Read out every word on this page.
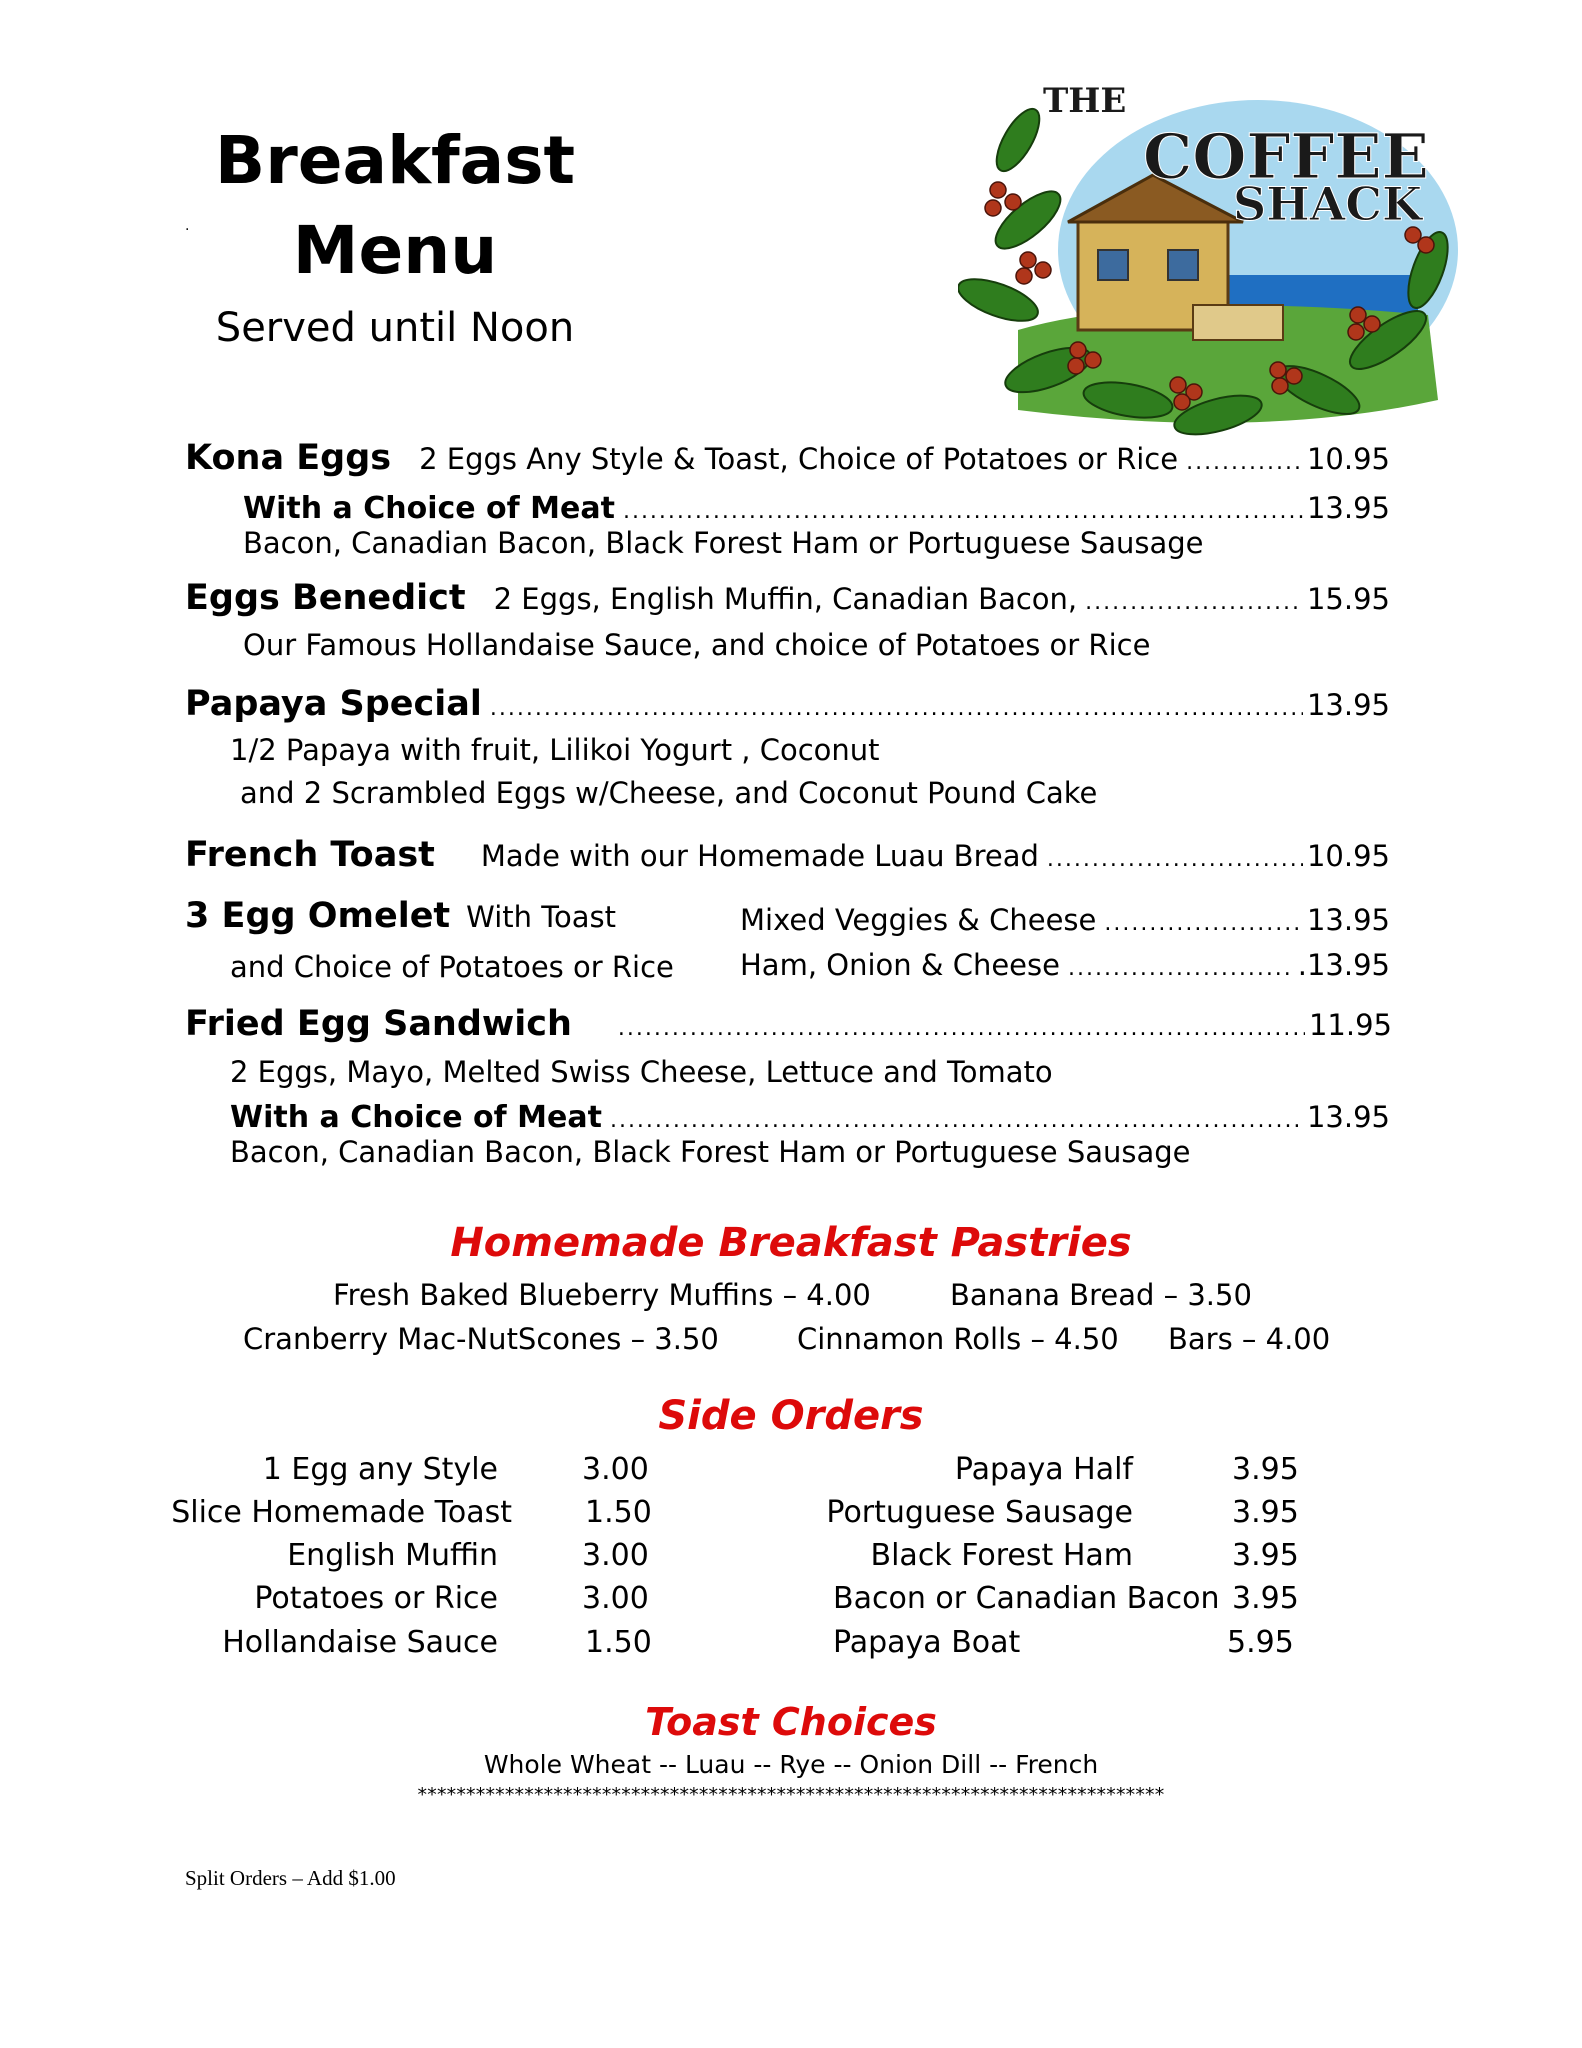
Breakfast
·	Menu
Served until Noon
THE
COFFEE
SHACK
Kona Eggs 2 Eggs Any Style & Toast, Choice of Potatoes or Rice .....	10.95
With a Choice of Meat .....	13.95
Bacon, Canadian Bacon, Black Forest Ham or Portuguese Sausage
Eggs Benedict 2 Eggs, English Muffin, Canadian Bacon, .....	15.95
Our Famous Hollandaise Sauce, and choice of Potatoes or Rice
Papaya Special .....	13.95
1/2 Papaya with fruit, Lilikoi Yogurt , Coconut
and 2 Scrambled Eggs w/Cheese, and Coconut Pound Cake
French Toast Made with our Homemade Luau Bread .....	10.95
3 Egg Omelet With Toast
and Choice of Potatoes or Rice
Mixed Veggies & Cheese .....	13.95
Ham, Onion & Cheese .....	.13.95
Fried Egg Sandwich .....	11.95
2 Eggs, Mayo, Melted Swiss Cheese, Lettuce and Tomato
With a Choice of Meat .....	13.95
Bacon, Canadian Bacon, Black Forest Ham or Portuguese Sausage
Homemade Breakfast Pastries
Fresh Baked Blueberry Muffins – 4.00	Banana Bread – 3.50
Cranberry Mac-NutScones – 3.50	Cinnamon Rolls – 4.50 Bars – 4.00
Side Orders
1 Egg any Style	3.00
Slice Homemade Toast 1.50
English Muffin	3.00
Potatoes or Rice	3.00
Hollandaise Sauce	1.50
Papaya Half	3.95
Portuguese Sausage	3.95
Black Forest Ham	3.95
Bacon or Canadian Bacon 3.95
Papaya Boat	5.95
Toast Choices
Whole Wheat -- Luau -- Rye -- Onion Dill -- French
*****************************************************************************
Split Orders – Add $1.00
